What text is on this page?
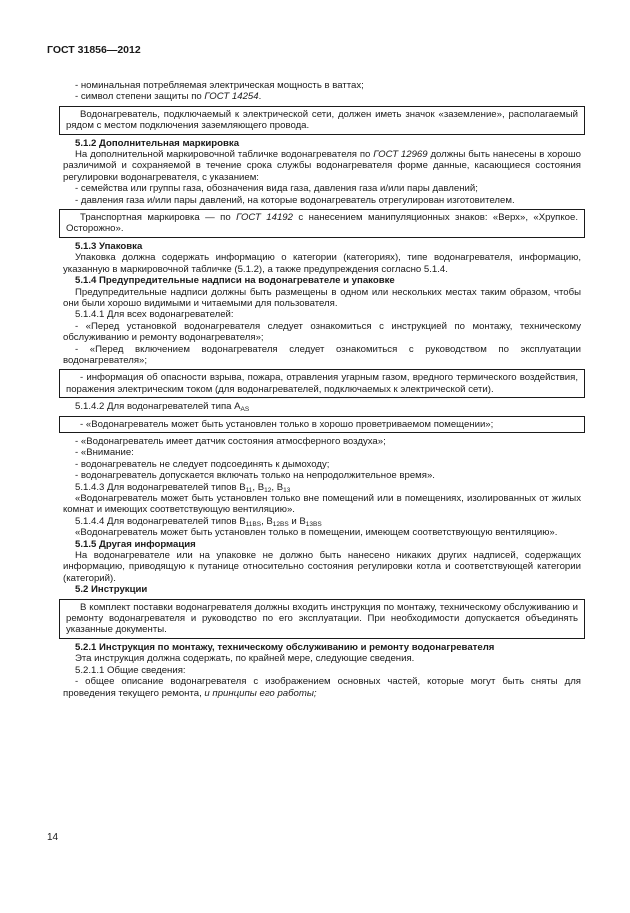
ГОСТ 31856—2012

- номинальная потребляемая электрическая мощность в ваттах;

- символ степени защиты по ГОСТ 14254.

Водонагреватель, подключаемый к электрической сети, должен иметь значок «заземление», располагаемый рядом с местом подключения заземляющего провода.

5.1.2 Дополнительная маркировка

На дополнительной маркировочной табличке водонагревателя по ГОСТ 12969 должны быть нанесены в хорошо различимой и сохраняемой в течение срока службы водонагревателя форме данные, касающиеся состояния регулировки водонагревателя, с указанием:

- семейства или группы газа, обозначения вида газа, давления газа и/или пары давлений;

- давления газа и/или пары давлений, на которые водонагреватель отрегулирован изготовителем.

Транспортная маркировка — по ГОСТ 14192 с нанесением манипуляционных знаков: «Верх», «Хрупкое. Осторожно».

5.1.3 Упаковка

Упаковка должна содержать информацию о категории (категориях), типе водонагревателя, информацию, указанную в маркировочной табличке (5.1.2), а также предупреждения согласно 5.1.4.

5.1.4 Предупредительные надписи на водонагревателе и упаковке

Предупредительные надписи должны быть размещены в одном или нескольких местах таким образом, чтобы они были хорошо видимыми и читаемыми для пользователя.

5.1.4.1 Для всех водонагревателей:

- «Перед установкой водонагревателя следует ознакомиться с инструкцией по монтажу, техническому обслуживанию и ремонту водонагревателя»;

- «Перед включением водонагревателя следует ознакомиться с руководством по эксплуатации водонагревателя»;

- информация об опасности взрыва, пожара, отравления угарным газом, вредного термического воздействия, поражения электрическим током (для водонагревателей, подключаемых к электрической сети).

5.1.4.2 Для водонагревателей типа $A_{AS}$

- «Водонагреватель может быть установлен только в хорошо проветриваемом помещении»;

- «Водонагреватель имеет датчик состояния атмосферного воздуха»;

- «Внимание:

- водонагреватель не следует подсоединять к дымоходу;

- водонагреватель допускается включать только на непродолжительное время».

5.1.4.3 Для водонагревателей типов $B_{11}$, $B_{12}$, $B_{13}$

«Водонагреватель может быть установлен только вне помещений или в помещениях, изолированных от жилых комнат и имеющих соответствующую вентиляцию».

5.1.4.4 Для водонагревателей типов $B_{11BS}$, $B_{12BS}$ и $B_{13BS}$

«Водонагреватель может быть установлен только в помещении, имеющем соответствующую вентиляцию».

5.1.5 Другая информация

На водонагревателе или на упаковке не должно быть нанесено никаких других надписей, содержащих информацию, приводящую к путанице относительно состояния регулировки котла и соответствующей категории (категорий).

5.2 Инструкции

В комплект поставки водонагревателя должны входить инструкция по монтажу, техническому обслуживанию и ремонту водонагревателя и руководство по его эксплуатации. При необходимости допускается объединять указанные документы.

5.2.1 Инструкция по монтажу, техническому обслуживанию и ремонту водонагревателя

Эта инструкция должна содержать, по крайней мере, следующие сведения.

5.2.1.1 Общие сведения:

- общее описание водонагревателя с изображением основных частей, которые могут быть сняты для проведения текущего ремонта, и принципы его работы;

14
